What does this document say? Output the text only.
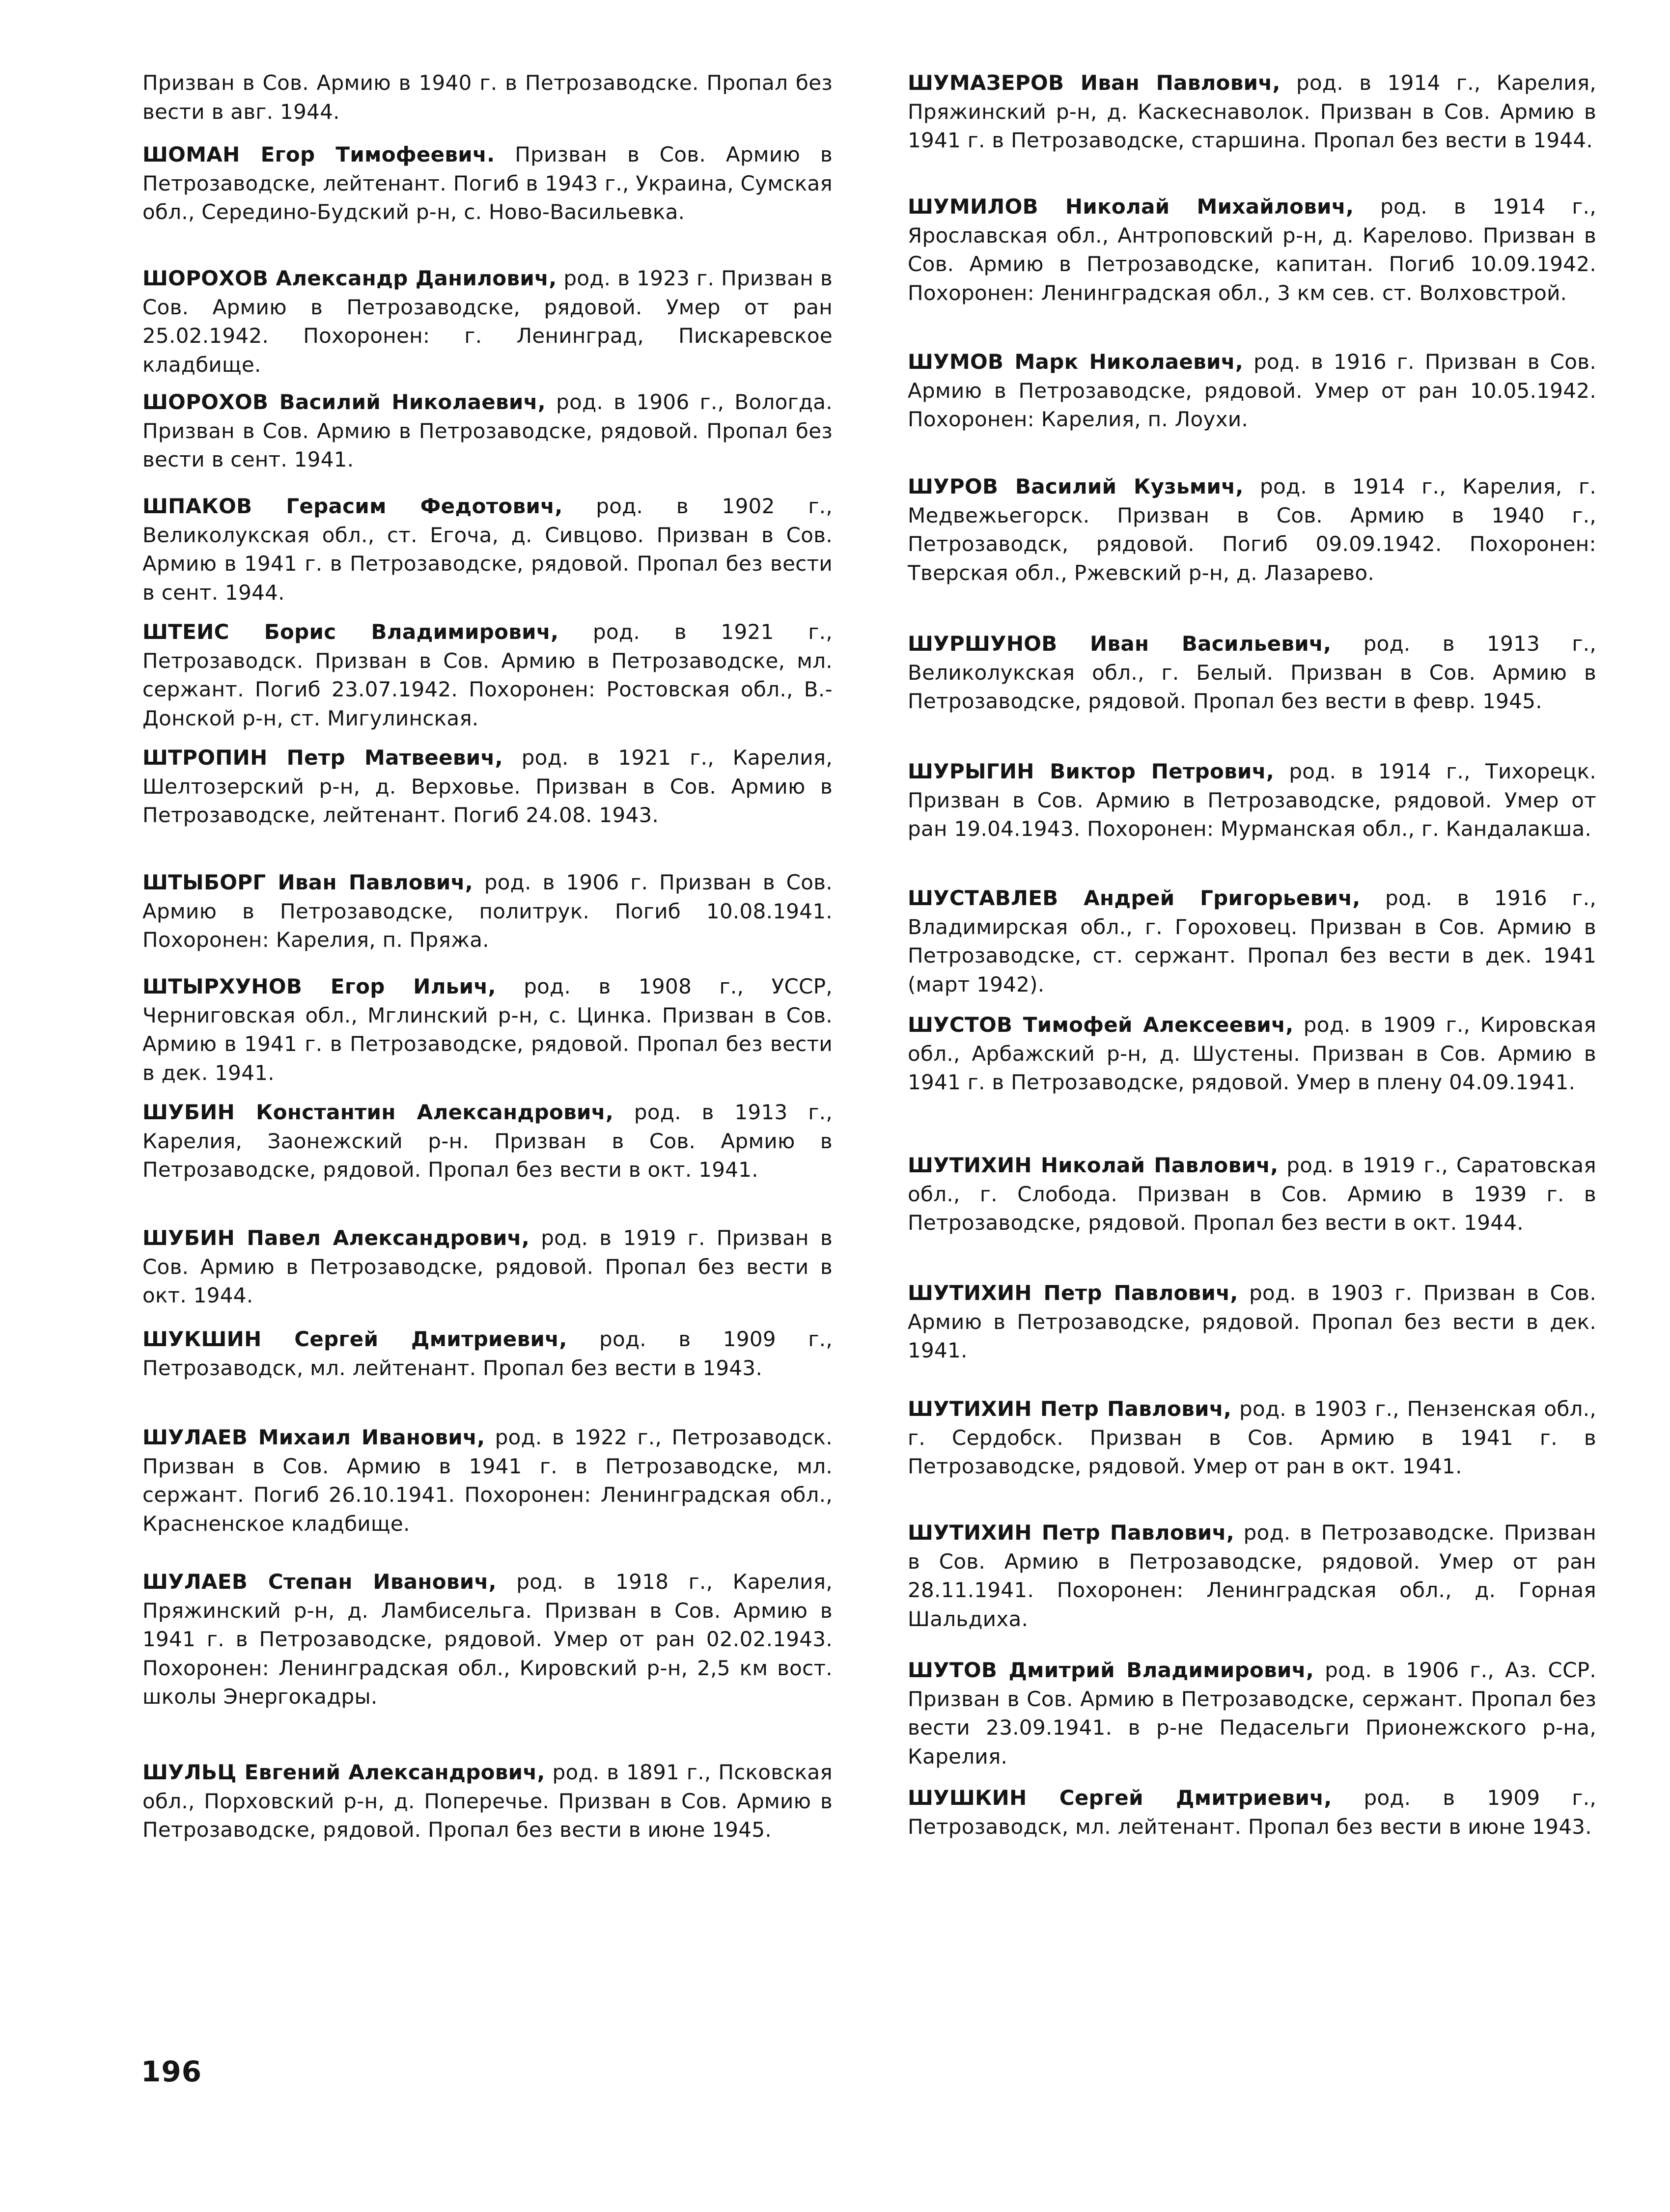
Призван в Сов. Армию в 1940 г. в Петрозаводске. Пропал без вести в авг. 1944.

ШОМАН Егор Тимофеевич. Призван в Сов. Армию в Петрозаводске, лейтенант. Погиб в 1943 г., Украина, Сумская обл., Середино-Будский р-н, с. Ново-Васильевка.

ШОРОХОВ Александр Данилович, род. в 1923 г. Призван в Сов. Армию в Петрозаводске, рядовой. Умер от ран 25.02.1942. Похоронен: г. Ленинград, Пискаревское кладбище.

ШОРОХОВ Василий Николаевич, род. в 1906 г., Вологда. Призван в Сов. Армию в Петрозаводске, рядовой. Пропал без вести в сент. 1941.

ШПАКОВ Герасим Федотович, род. в 1902 г., Великолукская обл., ст. Егоча, д. Сивцово. Призван в Сов. Армию в 1941 г. в Петрозаводске, рядовой. Пропал без вести в сент. 1944.

ШТЕИС Борис Владимирович, род. в 1921 г., Петрозаводск. Призван в Сов. Армию в Петрозаводске, мл. сержант. Погиб 23.07.1942. Похоронен: Ростовская обл., В.-Донской р-н, ст. Мигулинская.

ШТРОПИН Петр Матвеевич, род. в 1921 г., Карелия, Шелтозерский р-н, д. Верховье. Призван в Сов. Армию в Петрозаводске, лейтенант. Погиб 24.08. 1943.

ШТЫБОРГ Иван Павлович, род. в 1906 г. Призван в Сов. Армию в Петрозаводске, политрук. Погиб 10.08.1941. Похоронен: Карелия, п. Пряжа.

ШТЫРХУНОВ Егор Ильич, род. в 1908 г., УССР, Черниговская обл., Мглинский р-н, с. Цинка. Призван в Сов. Армию в 1941 г. в Петрозаводске, рядовой. Пропал без вести в дек. 1941.

ШУБИН Константин Александрович, род. в 1913 г., Карелия, Заонежский р-н. Призван в Сов. Армию в Петрозаводске, рядовой. Пропал без вести в окт. 1941.

ШУБИН Павел Александрович, род. в 1919 г. Призван в Сов. Армию в Петрозаводске, рядовой. Пропал без вести в окт. 1944.

ШУКШИН Сергей Дмитриевич, род. в 1909 г., Петрозаводск, мл. лейтенант. Пропал без вести в 1943.

ШУЛАЕВ Михаил Иванович, род. в 1922 г., Петрозаводск. Призван в Сов. Армию в 1941 г. в Петрозаводске, мл. сержант. Погиб 26.10.1941. Похоронен: Ленинградская обл., Красненское кладбище.

ШУЛАЕВ Степан Иванович, род. в 1918 г., Карелия, Пряжинский р-н, д. Ламбисельга. Призван в Сов. Армию в 1941 г. в Петрозаводске, рядовой. Умер от ран 02.02.1943. Похоронен: Ленинградская обл., Кировский р-н, 2,5 км вост. школы Энергокадры.

ШУЛЬЦ Евгений Александрович, род. в 1891 г., Псковская обл., Порховский р-н, д. Поперечье. Призван в Сов. Армию в Петрозаводске, рядовой. Пропал без вести в июне 1945.

ШУМАЗЕРОВ Иван Павлович, род. в 1914 г., Карелия, Пряжинский р-н, д. Каскеснаволок. Призван в Сов. Армию в 1941 г. в Петрозаводске, старшина. Пропал без вести в 1944.

ШУМИЛОВ Николай Михайлович, род. в 1914 г., Ярославская обл., Антроповский р-н, д. Карелово. Призван в Сов. Армию в Петрозаводске, капитан. Погиб 10.09.1942. Похоронен: Ленинградская обл., 3 км сев. ст. Волховстрой.

ШУМОВ Марк Николаевич, род. в 1916 г. Призван в Сов. Армию в Петрозаводске, рядовой. Умер от ран 10.05.1942. Похоронен: Карелия, п. Лоухи.

ШУРОВ Василий Кузьмич, род. в 1914 г., Карелия, г. Медвежьегорск. Призван в Сов. Армию в 1940 г., Петрозаводск, рядовой. Погиб 09.09.1942. Похоронен: Тверская обл., Ржевский р-н, д. Лазарево.

ШУРШУНОВ Иван Васильевич, род. в 1913 г., Великолукская обл., г. Белый. Призван в Сов. Армию в Петрозаводске, рядовой. Пропал без вести в февр. 1945.

ШУРЫГИН Виктор Петрович, род. в 1914 г., Тихорецк. Призван в Сов. Армию в Петрозаводске, рядовой. Умер от ран 19.04.1943. Похоронен: Мурманская обл., г. Кандалакша.

ШУСТАВЛЕВ Андрей Григорьевич, род. в 1916 г., Владимирская обл., г. Гороховец. Призван в Сов. Армию в Петрозаводске, ст. сержант. Пропал без вести в дек. 1941 (март 1942).

ШУСТОВ Тимофей Алексеевич, род. в 1909 г., Кировская обл., Арбажский р-н, д. Шустены. Призван в Сов. Армию в 1941 г. в Петрозаводске, рядовой. Умер в плену 04.09.1941.

ШУТИХИН Николай Павлович, род. в 1919 г., Саратовская обл., г. Слобода. Призван в Сов. Армию в 1939 г. в Петрозаводске, рядовой. Пропал без вести в окт. 1944.

ШУТИХИН Петр Павлович, род. в 1903 г. Призван в Сов. Армию в Петрозаводске, рядовой. Пропал без вести в дек. 1941.

ШУТИХИН Петр Павлович, род. в 1903 г., Пензенская обл., г. Сердобск. Призван в Сов. Армию в 1941 г. в Петрозаводске, рядовой. Умер от ран в окт. 1941.

ШУТИХИН Петр Павлович, род. в Петрозаводске. Призван в Сов. Армию в Петрозаводске, рядовой. Умер от ран 28.11.1941. Похоронен: Ленинградская обл., д. Горная Шальдиха.

ШУТОВ Дмитрий Владимирович, род. в 1906 г., Аз. ССР. Призван в Сов. Армию в Петрозаводске, сержант. Пропал без вести 23.09.1941. в р-не Педасельги Прионежского р-на, Карелия.

ШУШКИН Сергей Дмитриевич, род. в 1909 г., Петрозаводск, мл. лейтенант. Пропал без вести в июне 1943.

196
